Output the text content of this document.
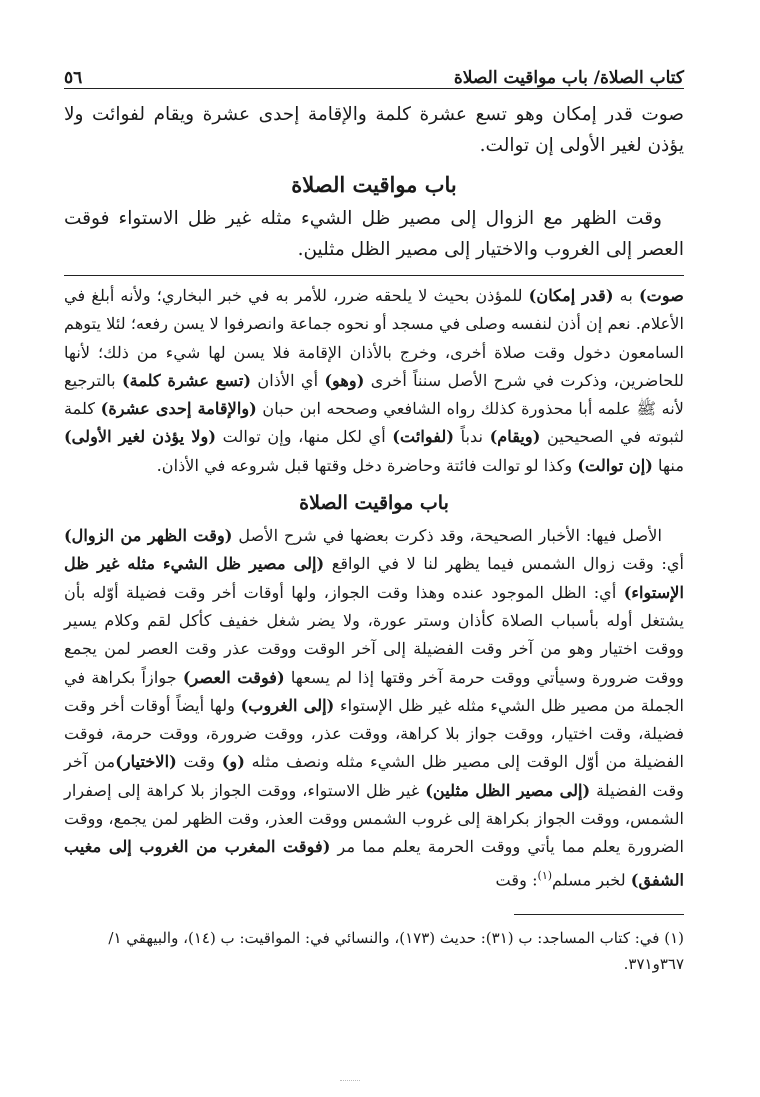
كتاب الصلاة/ باب مواقيت الصلاة
٥٦

صوت قدر إمكان وهو تسع عشرة كلمة والإقامة إحدى عشرة ويقام لفوائت ولا يؤذن لغير الأولى إن توالت.

باب مواقيت الصلاة

وقت الظهر مع الزوال إلى مصير ظل الشيء مثله غير ظل الاستواء فوقت العصر إلى الغروب والاختيار إلى مصير الظل مثلين.

صوت) به (قدر إمكان) للمؤذن بحيث لا يلحقه ضرر، للأمر به في خبر البخاري؛ ولأنه أبلغ في الأعلام. نعم إن أذن لنفسه وصلى في مسجد أو نحوه جماعة وانصرفوا لا يسن رفعه؛ لئلا يتوهم السامعون دخول وقت صلاة أخرى، وخرج بالأذان الإقامة فلا يسن لها شيء من ذلك؛ لأنها للحاضرين، وذكرت في شرح الأصل سنناً أخرى (وهو) أي الأذان (تسع عشرة كلمة) بالترجيع لأنه ﷺ علمه أبا محذورة كذلك رواه الشافعي وصححه ابن حبان (والإقامة إحدى عشرة) كلمة لثبوته في الصحيحين (ويقام) ندباً (لفوائت) أي لكل منها، وإن توالت (ولا يؤذن لغير الأولى) منها (إن توالت) وكذا لو توالت فائتة وحاضرة دخل وقتها قبل شروعه في الأذان.

باب مواقيت الصلاة

الأصل فيها: الأخبار الصحيحة، وقد ذكرت بعضها في شرح الأصل (وقت الظهر من الزوال) أي: وقت زوال الشمس فيما يظهر لنا لا في الواقع (إلى مصير ظل الشيء مثله غير ظل الإستواء) أي: الظل الموجود عنده وهذا وقت الجواز، ولها أوقات أخر وقت فضيلة أوّله بأن يشتغل أوله بأسباب الصلاة كأذان وستر عورة، ولا يضر شغل خفيف كأكل لقم وكلام يسير ووقت اختيار وهو من آخر وقت الفضيلة إلى آخر الوقت ووقت عذر وقت العصر لمن يجمع ووقت ضرورة وسيأتي ووقت حرمة آخر وقتها إذا لم يسعها (فوقت العصر) جوازاً بكراهة في الجملة من مصير ظل الشيء مثله غير ظل الإستواء (إلى الغروب) ولها أيضاً أوقات أخر وقت فضيلة، وقت اختيار، ووقت جواز بلا كراهة، ووقت عذر، ووقت ضرورة، ووقت حرمة، فوقت الفضيلة من أوّل الوقت إلى مصير ظل الشيء مثله ونصف مثله (و) وقت (الاختيار)من آخر وقت الفضيلة (إلى مصير الظل مثلين) غير ظل الاستواء، ووقت الجواز بلا كراهة إلى إصفرار الشمس، ووقت الجواز بكراهة إلى غروب الشمس ووقت العذر، وقت الظهر لمن يجمع، ووقت الضرورة يعلم مما يأتي ووقت الحرمة يعلم مما مر (فوقت المغرب من الغروب إلى مغيب الشفق) لخبر مسلم$^{(١)}$: وقت

(١) في: كتاب المساجد: ب (٣١): حديث (١٧٣)، والنسائي في: المواقيت: ب (١٤)، والبيهقي ١/

٣٦٧و٣٧١.
